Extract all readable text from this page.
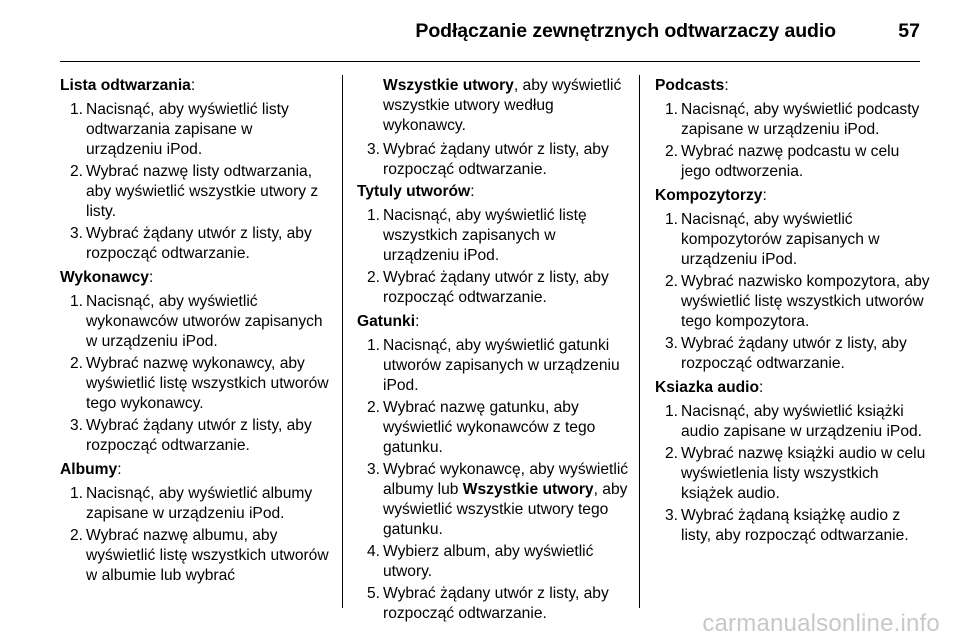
Podłączanie zewnętrznych odtwarzaczy audio	57

Lista odtwarzania:

1. Nacisnąć, aby wyświetlić listy odtwarzania zapisane w urządzeniu iPod.
2. Wybrać nazwę listy odtwarzania, aby wyświetlić wszystkie utwory z listy.
3. Wybrać żądany utwór z listy, aby rozpocząć odtwarzanie.

Wykonawcy:

1. Nacisnąć, aby wyświetlić wykonawców utworów zapisanych w urządzeniu iPod.
2. Wybrać nazwę wykonawcy, aby wyświetlić listę wszystkich utworów tego wykonawcy.
3. Wybrać żądany utwór z listy, aby rozpocząć odtwarzanie.

Albumy:

1. Nacisnąć, aby wyświetlić albumy zapisane w urządzeniu iPod.
2. Wybrać nazwę albumu, aby wyświetlić listę wszystkich utworów w albumie lub wybrać

Wszystkie utwory, aby wyświetlić wszystkie utwory według wykonawcy.

3. Wybrać żądany utwór z listy, aby rozpocząć odtwarzanie.

Tytuly utworów:

1. Nacisnąć, aby wyświetlić listę wszystkich zapisanych w urządzeniu iPod.
2. Wybrać żądany utwór z listy, aby rozpocząć odtwarzanie.

Gatunki:

1. Nacisnąć, aby wyświetlić gatunki utworów zapisanych w urządzeniu iPod.
2. Wybrać nazwę gatunku, aby wyświetlić wykonawców z tego gatunku.
3. Wybrać wykonawcę, aby wyświetlić albumy lub Wszystkie utwory, aby wyświetlić wszystkie utwory tego gatunku.
4. Wybierz album, aby wyświetlić utwory.
5. Wybrać żądany utwór z listy, aby rozpocząć odtwarzanie.

Podcasts:

1. Nacisnąć, aby wyświetlić podcasty zapisane w urządzeniu iPod.
2. Wybrać nazwę podcastu w celu jego odtworzenia.

Kompozytorzy:

1. Nacisnąć, aby wyświetlić kompozytorów zapisanych w urządzeniu iPod.
2. Wybrać nazwisko kompozytora, aby wyświetlić listę wszystkich utworów tego kompozytora.
3. Wybrać żądany utwór z listy, aby rozpocząć odtwarzanie.

Ksiazka audio:

1. Nacisnąć, aby wyświetlić książki audio zapisane w urządzeniu iPod.
2. Wybrać nazwę książki audio w celu wyświetlenia listy wszystkich książek audio.
3. Wybrać żądaną książkę audio z listy, aby rozpocząć odtwarzanie.
carmanualsonline.info
